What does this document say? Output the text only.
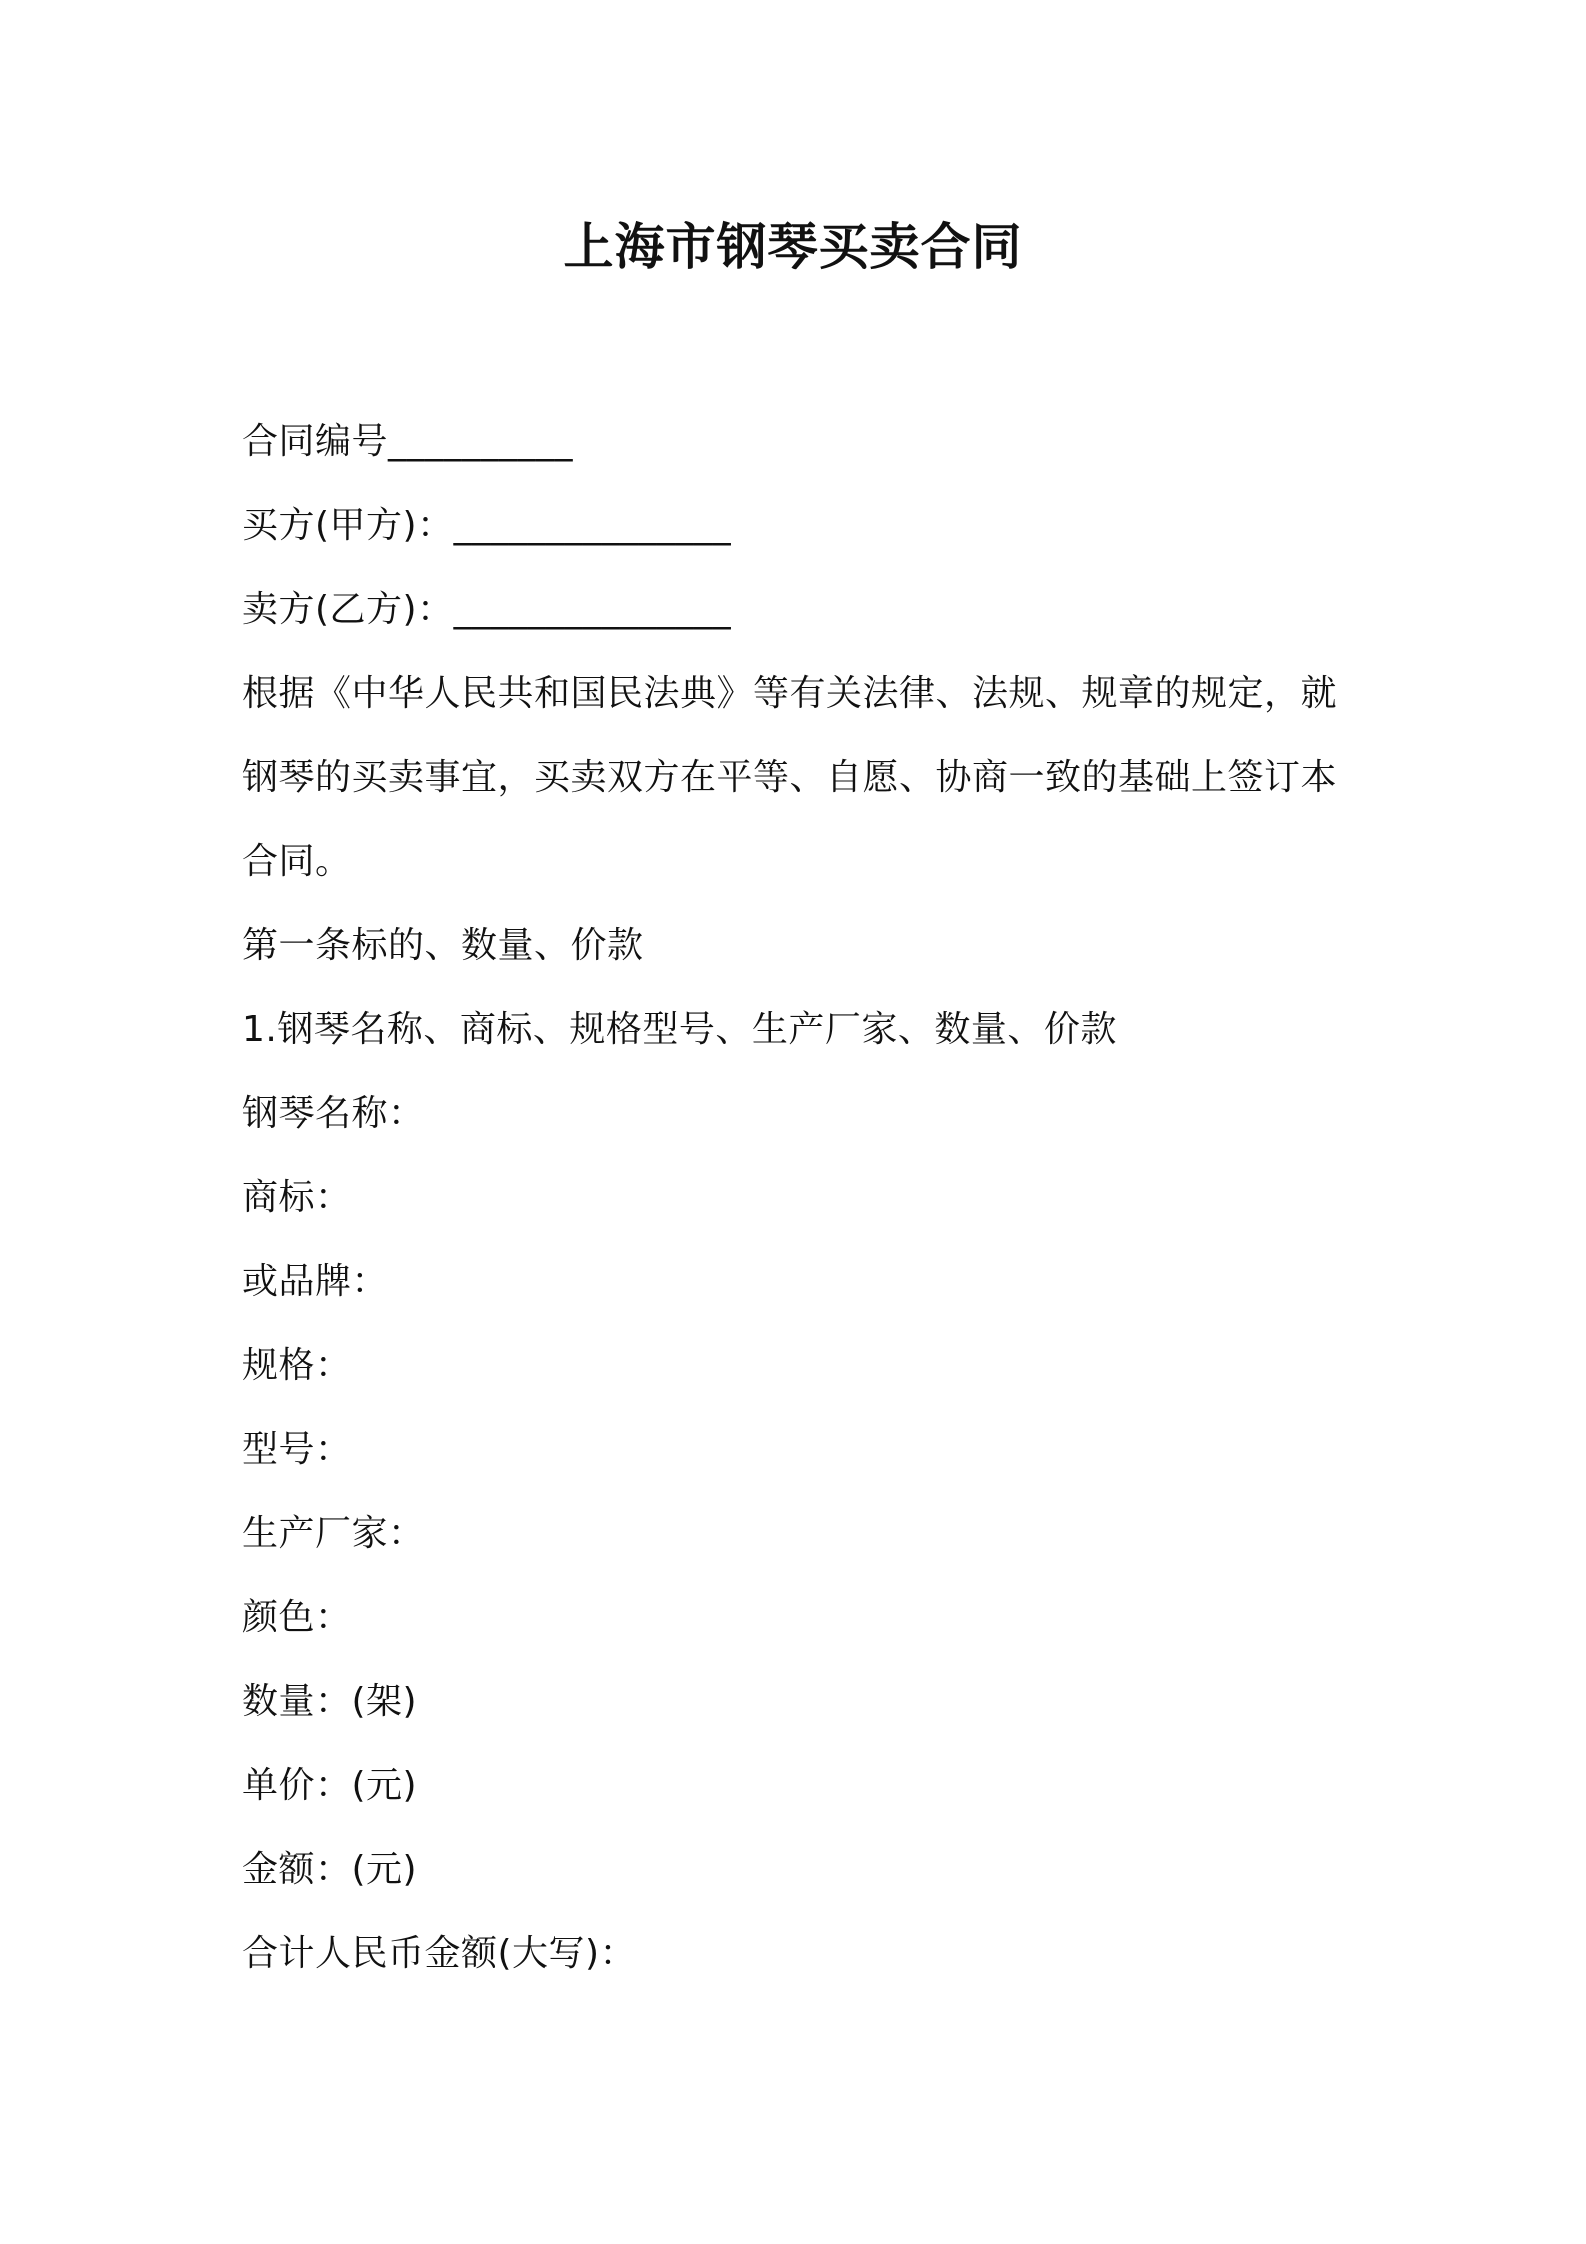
上海市钢琴买卖合同
合同编号__________
买方(甲方)：_______________
卖方(乙方)：_______________
根据《中华人民共和国民法典》等有关法律、法规、规章的规定，就钢琴的买卖事宜，买卖双方在平等、自愿、协商一致的基础上签订本合同。
第一条标的、数量、价款
1.钢琴名称、商标、规格型号、生产厂家、数量、价款
钢琴名称：
商标：
或品牌：
规格：
型号：
生产厂家：
颜色：
数量：(架)
单价：(元)
金额：(元)
合计人民币金额(大写)：
